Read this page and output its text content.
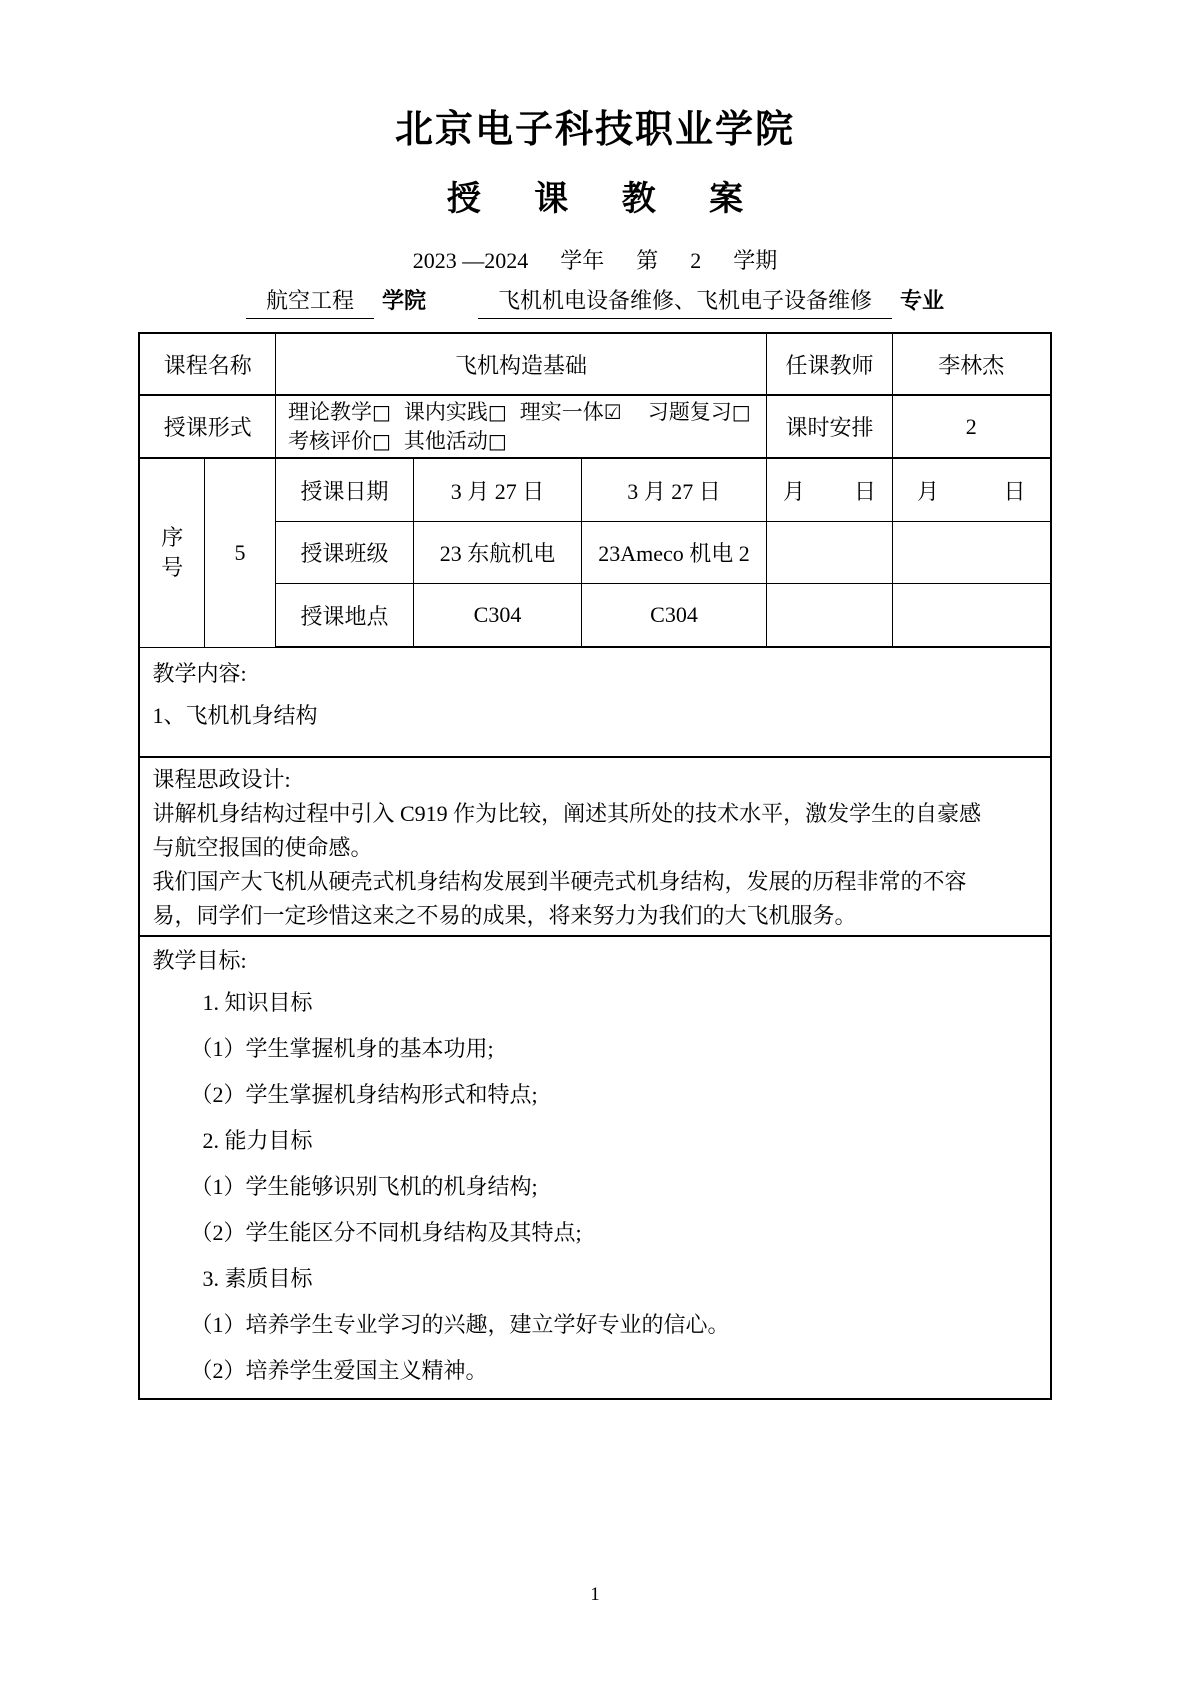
北京电子科技职业学院
授 课 教 案
2023 —2024 学年 第 2 学期
航空工程 学院	飞机机电设备维修、飞机电子设备维修 专业
课程名称		飞机构造基础			任课教师	李林杰
授课形式		理论教学□ 课内实践□ 理实一体☑ 习题复习□
考核评价□ 其他活动□			课时安排	2

序号	5	授课日期	3 月 27 日	3 月 27 日	月 日	月 日

		授课班级	23 东航机电	23Ameco 机电 2		
		授课地点	C304	C304		

教学内容:
1、飞机机身结构						

课程思政设计:
讲解机身结构过程中引入 C919 作为比较，阐述其所处的技术水平，激发学生的自豪感
与航空报国的使命感。
我们国产大飞机从硬壳式机身结构发展到半硬壳式机身结构，发展的历程非常的不容
易，同学们一定珍惜这来之不易的成果，将来努力为我们的大飞机服务。						

教学目标:
1. 知识目标
（1）学生掌握机身的基本功用;
（2）学生掌握机身结构形式和特点;
2. 能力目标
（1）学生能够识别飞机的机身结构;
（2）学生能区分不同机身结构及其特点;
3. 素质目标
（1）培养学生专业学习的兴趣，建立学好专业的信心。
（2）培养学生爱国主义精神。
1
